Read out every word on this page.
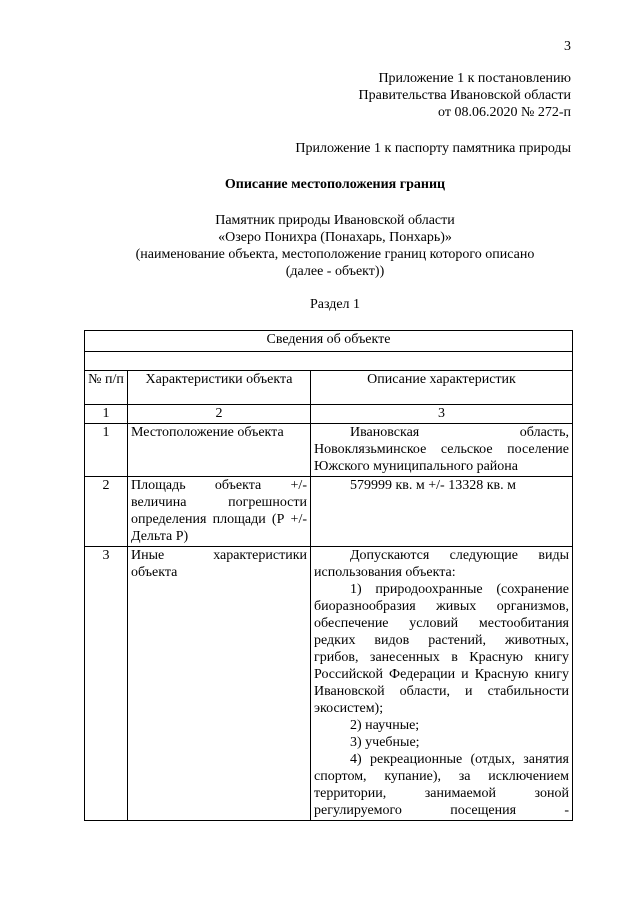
3
Приложение 1 к постановлению
Правительства Ивановской области
от 08.06.2020 № 272-п
Приложение 1 к паспорту памятника природы
Описание местоположения границ
Памятник природы Ивановской области
«Озеро Понихра (Понахарь, Понхарь)»
(наименование объекта, местоположение границ которого описано
(далее - объект))
Раздел 1
Сведения об объекте		

№ п/п	Характеристики объекта	Описание характеристик
1	2	3
1	Местоположение объекта	Ивановская область, Новоклязьминское сельское поселение Южского муниципального района
2	Площадь объекта +/- величина погрешности определения площади (Р +/- Дельта Р)	579999 кв. м +/- 13328 кв. м
3	Иные характеристики объекта	Допускаются следующие виды использования объекта:

1) природоохранные (сохранение биоразнообразия живых организмов, обеспечение условий местообитания редких видов растений, животных, грибов, занесенных в Красную книгу Российской Федерации и Красную книгу Ивановской области, и стабильности экосистем);

2) научные;

3) учебные;

4) рекреационные (отдых, занятия спортом, купание), за исключением территории, занимаемой зоной регулируемого посещения -
